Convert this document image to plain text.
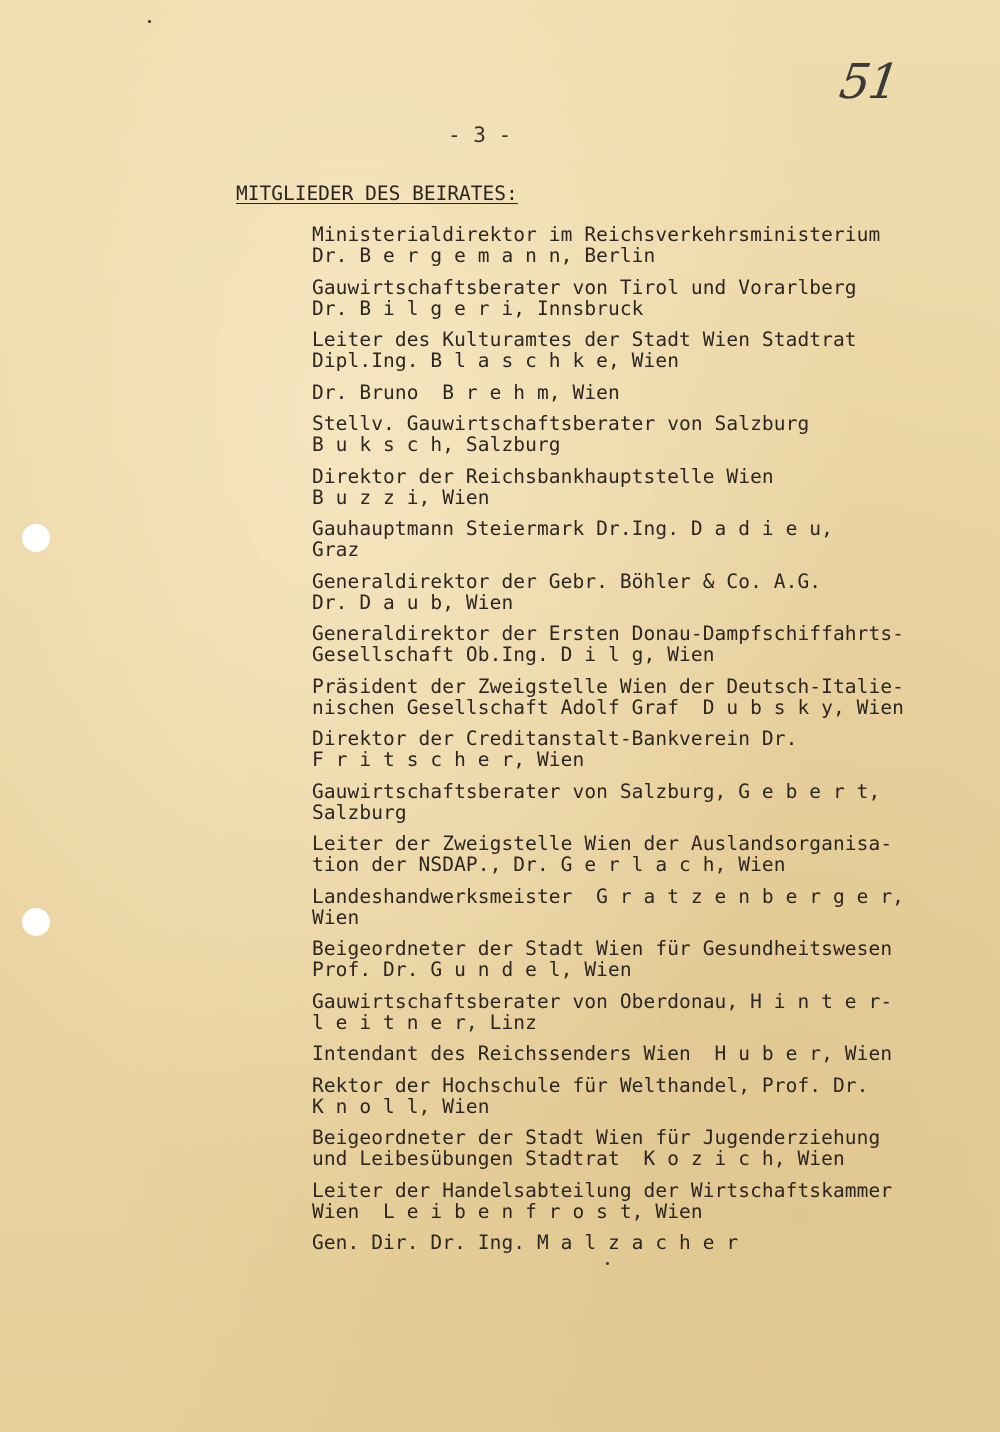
51
- 3 -
MITGLIEDER DES BEIRATES:
Ministerialdirektor im Reichsverkehrsministerium
Dr. B e r g e m a n n, Berlin
Gauwirtschaftsberater von Tirol und Vorarlberg
Dr. B i l g e r i, Innsbruck
Leiter des Kulturamtes der Stadt Wien Stadtrat
Dipl.Ing. B l a s c h k e, Wien
Dr. Bruno  B r e h m, Wien
Stellv. Gauwirtschaftsberater von Salzburg
B u k s c h, Salzburg
Direktor der Reichsbankhauptstelle Wien
B u z z i, Wien
Gauhauptmann Steiermark Dr.Ing. D a d i e u,
Graz
Generaldirektor der Gebr. Böhler & Co. A.G.
Dr. D a u b, Wien
Generaldirektor der Ersten Donau-Dampfschiffahrts-
Gesellschaft Ob.Ing. D i l g, Wien
Präsident der Zweigstelle Wien der Deutsch-Italie-
nischen Gesellschaft Adolf Graf  D u b s k y, Wien
Direktor der Creditanstalt-Bankverein Dr.
F r i t s c h e r, Wien
Gauwirtschaftsberater von Salzburg, G e b e r t,
Salzburg
Leiter der Zweigstelle Wien der Auslandsorganisa-
tion der NSDAP., Dr. G e r l a c h, Wien
Landeshandwerksmeister  G r a t z e n b e r g e r,
Wien
Beigeordneter der Stadt Wien für Gesundheitswesen
Prof. Dr. G u n d e l, Wien
Gauwirtschaftsberater von Oberdonau, H i n t e r-
l e i t n e r, Linz
Intendant des Reichssenders Wien  H u b e r, Wien
Rektor der Hochschule für Welthandel, Prof. Dr.
K n o l l, Wien
Beigeordneter der Stadt Wien für Jugenderziehung
und Leibesübungen Stadtrat  K o z i c h, Wien
Leiter der Handelsabteilung der Wirtschaftskammer
Wien  L e i b e n f r o s t, Wien
Gen. Dir. Dr. Ing. M a l z a c h e r
